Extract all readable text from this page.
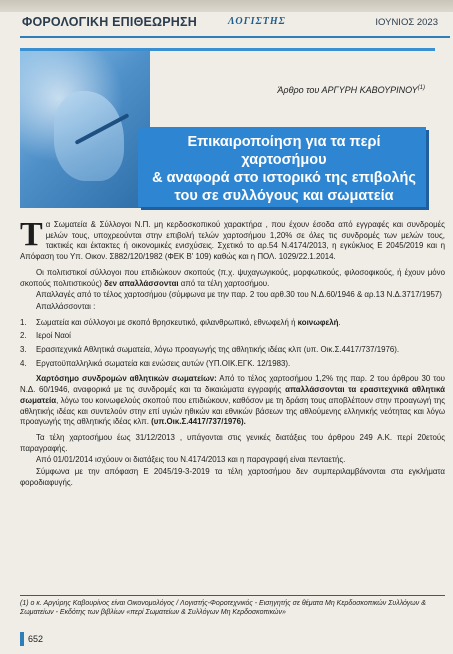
ΦΟΡΟΛΟΓΙΚΗ ΕΠΙΘΕΩΡΗΣΗ	ΛΟΓΙΣΤΗΣ	ΙΟΥΝΙΟΣ 2023
Άρθρο του ΑΡΓΥΡΗ ΚΑΒΟΥΡΙΝΟΥ$^{(1)}$
Επικαιροποίηση για τα περί χαρτοσήμου
& αναφορά στο ιστορικό της επιβολής
του σε συλλόγους και σωματεία
Τ α Σωματεία & Σύλλογοι Ν.Π. μη κερδοσκοπικού χαρακτήρα , που έχουν έσοδα από εγγραφές και συνδρομές μελών τους, υποχρεούνται στην επιβολή τελών χαρτοσήμου 1,20% σε όλες τις συνδρομές των μελών τους, τακτικές και έκτακτες ή οικονομικές ενισχύσεις. Σχετικό το αρ.54 Ν.4174/2013, η εγκύκλιος Ε 2045/2019 και η Απόφαση του Υπ. Οικον. Σ882/120/1982 (ΦΕΚ Β' 109) καθώς και η ΠΟΛ. 1029/22.1.2014.

Οι πολιτιστικοί σύλλογοι που επιδιώκουν σκοπούς (π.χ. ψυχαγωγικούς, μορφωτικούς, φιλοσοφικούς, ή έχουν μόνο σκοπούς πολιτιστικούς) δεν απαλλάσσονται από τα τέλη χαρτοσήμου.

Απαλλαγές από το τέλος χαρτοσήμου (σύμφωνα με την παρ. 2 του αρθ.30 του Ν.Δ.60/1946 & αρ.13 Ν.Δ.3717/1957)

Απαλλάσσονται :

1.	Σωματεία και σύλλογοι με σκοπό θρησκευτικό, φιλανθρωπικό, εθνωφελή ή κοινωφελή.
2.	Ιεροί Ναοί
3.	Ερασιτεχνικά Αθλητικά σωματεία, λόγω προαγωγής της αθλητικής ιδέας κλπ (υπ. Οικ.Σ.4417/737/1976).
4.	Εργατοϋπαλληλικά σωματεία και ενώσεις αυτών (ΥΠ.ΟΙΚ.ΕΓΚ. 12/1983).

Χαρτόσημο συνδρομών αθλητικών σωματείων: Από το τέλος χαρτοσήμου 1,2% της παρ. 2 του άρθρου 30 του Ν.Δ. 60/1946, αναφορικά με τις συνδρομές και τα δικαιώματα εγγραφής απαλλάσσονται τα ερασιτεχνικά αθλητικά σωματεία, λόγω του κοινωφελούς σκοπού που επιδιώκουν, καθόσον με τη δράση τους αποβλέπουν στην προαγωγή της αθλητικής ιδέας και συντελούν στην επί υγιών ηθικών και εθνικών βάσεων της αθλούμενης ελληνικής νεότητας και λόγω προαγωγής της αθλητικής ιδέας κλπ. (υπ.Οικ.Σ.4417/737/1976).

Τα τέλη χαρτοσήμου έως 31/12/2013 , υπάγονται στις γενικές διατάξεις του άρθρου 249 Α.Κ. περί 20ετούς παραγραφής.

Από 01/01/2014 ισχύουν οι διατάξεις του Ν.4174/2013 και η παραγραφή είναι πενταετής.

Σύμφωνα με την απόφαση Ε 2045/19-3-2019 τα τέλη χαρτοσήμου δεν συμπεριλαμβάνονται στα εγκλήματα φοροδιαφυγής.

(1) ο κ. Αργύρης Καβουρίνος είναι Οικονομολόγος / Λογιστής-Φοροτεχνικός - Εισηγητής σε θέματα Μη Κερδοσκοπικών Συλλόγων & Σωματείων - Εκδότης των βιβλίων «περί Σωματείων & Συλλόγων Μη Κερδοσκοπικών»
652
